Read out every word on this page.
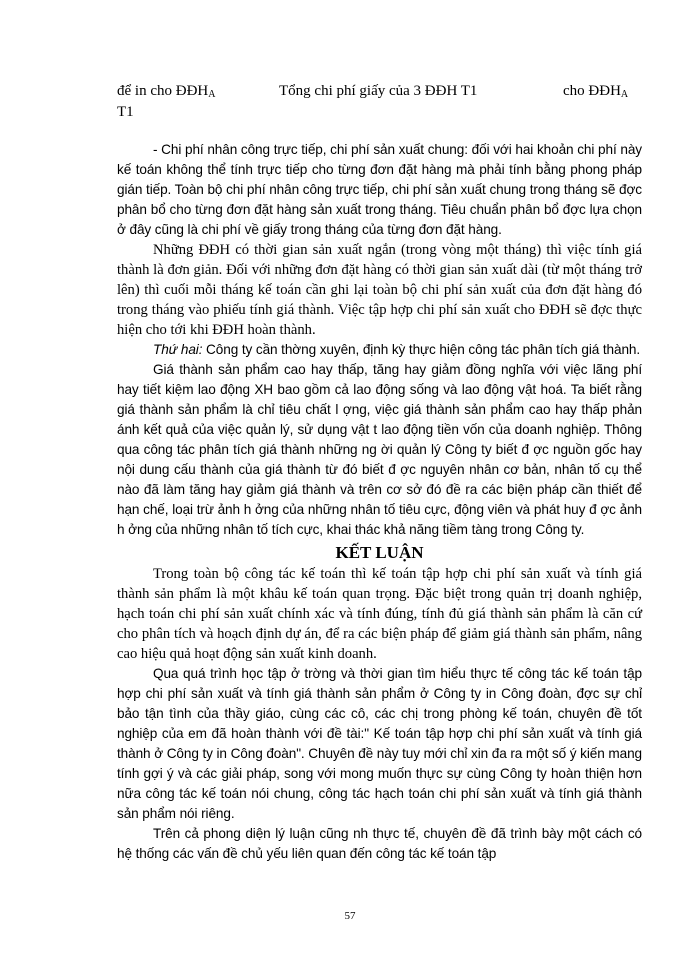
để in cho $ĐĐH_A$	Tổng chi phí giấy của 3 ĐĐH T1	cho $ĐĐH_A$
T1

- Chi phí nhân công trực tiếp, chi phí sản xuất chung: đối với hai khoản chi phí này kế toán không thể tính trực tiếp cho từng đơn đặt hàng mà phải tính bằng phong pháp gián tiếp. Toàn bộ chi phí nhân công trực tiếp, chi phí sản xuất chung trong tháng sẽ đợc phân bổ cho từng đơn đặt hàng sản xuất trong tháng. Tiêu chuẩn phân bổ đợc lựa chọn ở đây cũng là chi phí về giấy trong tháng của từng đơn đặt hàng.

Những ĐĐH có thời gian sản xuất ngắn (trong vòng một tháng) thì việc tính giá thành là đơn giản. Đối với những đơn đặt hàng có thời gian sản xuất dài (từ một tháng trở lên) thì cuối mỗi tháng kế toán cần ghi lại toàn bộ chi phí sản xuất của đơn đặt hàng đó trong tháng vào phiếu tính giá thành. Việc tập hợp chi phí sản xuất cho ĐĐH sẽ đợc thực hiện cho tới khi ĐĐH hoàn thành.

Thứ hai: Công ty cần thờng xuyên, định kỳ thực hiện công tác phân tích giá thành.

Giá thành sản phẩm cao hay thấp, tăng hay giảm đồng nghĩa với việc lãng phí hay tiết kiệm lao động XH bao gồm cả lao động sống và lao động vật hoá. Ta biết rằng giá thành sản phẩm là chỉ tiêu chất l ợng, việc giá thành sản phẩm cao hay thấp phản ánh kết quả của việc quản lý, sử dụng vật t lao động tiền vốn của doanh nghiệp. Thông qua công tác phân tích giá thành những ng ời quản lý Công ty biết đ ợc nguồn gốc hay nội dung cấu thành của giá thành từ đó biết đ ợc nguyên nhân cơ bản, nhân tố cụ thể nào đã làm tăng hay giảm giá thành và trên cơ sở đó đề ra các biện pháp cần thiết để hạn chế, loại trừ ảnh h ởng của những nhân tố tiêu cực, động viên và phát huy đ ợc ảnh h ởng của những nhân tố tích cực, khai thác khả năng tiềm tàng trong Công ty.

KẾT LUẬN

Trong toàn bộ công tác kế toán thì kế toán tập hợp chi phí sản xuất và tính giá thành sản phẩm là một khâu kế toán quan trọng. Đặc biệt trong quản trị doanh nghiệp, hạch toán chi phí sản xuất chính xác và tính đúng, tính đủ giá thành sản phẩm là căn cứ cho phân tích và hoạch định dự án, để ra các biện pháp để giảm giá thành sản phẩm, nâng cao hiệu quả hoạt động sản xuất kinh doanh.

Qua quá trình học tập ở trờng và thời gian tìm hiểu thực tế công tác kế toán tập hợp chi phí sản xuất và tính giá thành sản phẩm ở Công ty in Công đoàn, đợc sự chỉ bảo tận tình của thầy giáo, cùng các cô, các chị trong phòng kế toán, chuyên đề tốt nghiệp của em đã hoàn thành với đề tài:" Kế toán tập hợp chi phí sản xuất và tính giá thành ở Công ty in Công đoàn". Chuyên đề này tuy mới chỉ xin đa ra một số ý kiến mang tính gợi ý và các giải pháp, song với mong muốn thực sự cùng Công ty hoàn thiện hơn nữa công tác kế toán nói chung, công tác hạch toán chi phí sản xuất và tính giá thành sản phẩm nói riêng.

Trên cả phong diện lý luận cũng nh thực tế, chuyên đề đã trình bày một cách có hệ thống các vấn đề chủ yếu liên quan đến công tác kế toán tập

57
